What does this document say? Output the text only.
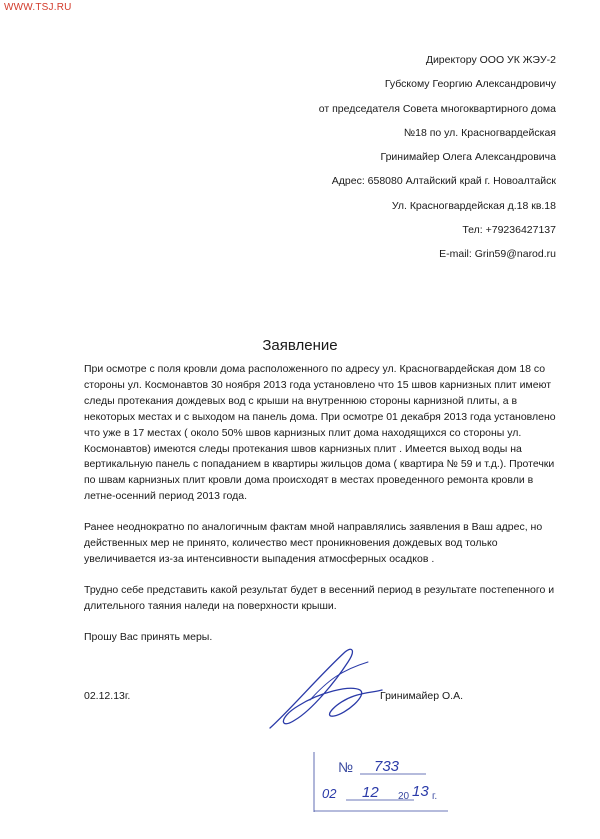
WWW.TSJ.RU
Директору ООО УК ЖЭУ-2
Губскому Георгию Александровичу
от председателя Совета многоквартирного дома
№18 по ул. Красногвардейская
Гринимайер Олега Александровича
Адрес: 658080 Алтайский край г. Новоалтайск
Ул. Красногвардейская д.18 кв.18
Тел: +79236427137
E-mail: Grin59@narod.ru
Заявление

При осмотре с поля кровли дома расположенного по адресу ул. Красногвардейская дом 18 со стороны ул. Космонавтов 30 ноября 2013 года установлено что 15 швов карнизных плит имеют следы протекания дождевых вод с крыши на внутреннюю стороны карнизной плиты, а в некоторых местах и с выходом на панель дома. При осмотре 01 декабря 2013 года установлено что уже в 17 местах ( около 50% швов карнизных плит дома находящихся со стороны ул. Космонавтов) имеются следы протекания швов карнизных плит . Имеется выход воды на вертикальную панель с попаданием в квартиры жильцов дома ( квартира № 59 и т.д.). Протечки по швам карнизных плит кровли дома происходят в местах проведенного ремонта кровли в летне-осенний период 2013 года.

Ранее неоднократно по аналогичным фактам мной направлялись заявления в Ваш адрес, но действенных мер не принято, количество мест проникновения дождевых вод только увеличивается из-за интенсивности выпадения атмосферных осадков .

Трудно себе представить какой результат будет в весенний период в результате постепенного и длительного таяния наледи на поверхности крыши.

Прошу Вас принять меры.

02.12.13г.	Гринимайер О.А.
№ 733
02 12 20 13 г.
